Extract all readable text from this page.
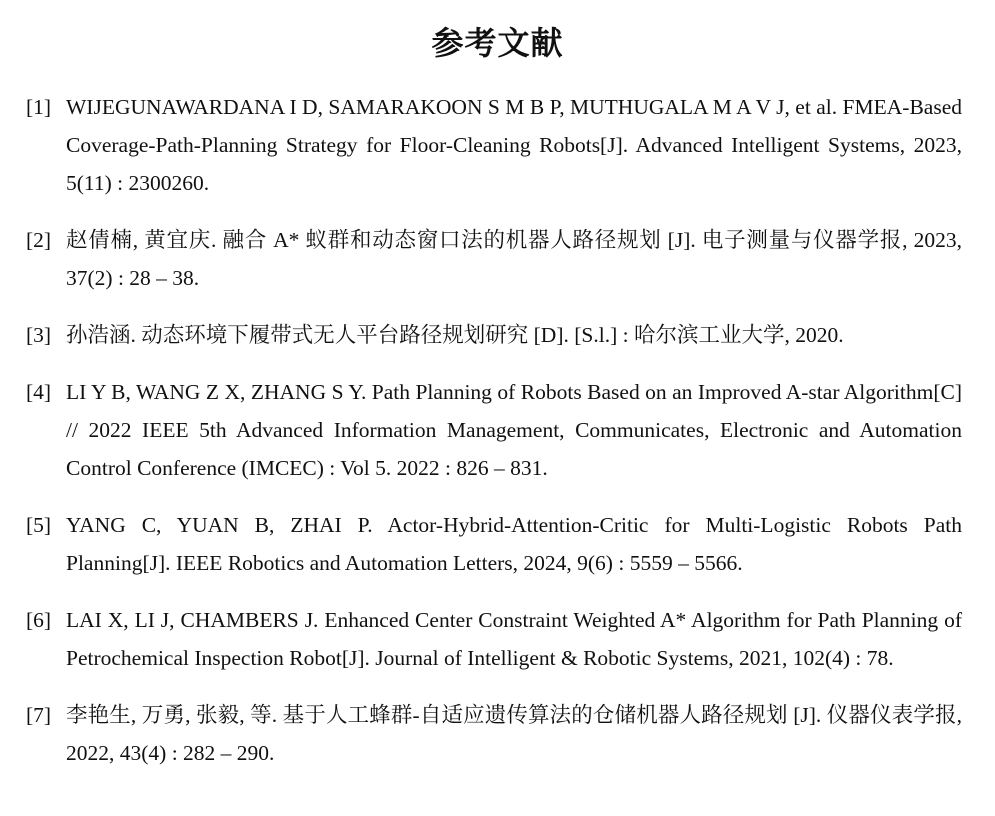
参考文献
[1] WIJEGUNAWARDANA I D, SAMARAKOON S M B P, MUTHUGALA M A V J, et al. FMEA-Based Coverage-Path-Planning Strategy for Floor-Cleaning Robots[J]. Advanced Intelligent Systems, 2023, 5(11) : 2300260.
[2] 赵倩楠, 黄宜庆. 融合 A* 蚁群和动态窗口法的机器人路径规划 [J]. 电子测量与仪器学报, 2023, 37(2) : 28 – 38.
[3] 孙浩涵. 动态环境下履带式无人平台路径规划研究 [D]. [S.l.] : 哈尔滨工业大学, 2020.
[4] LI Y B, WANG Z X, ZHANG S Y. Path Planning of Robots Based on an Improved A-star Algorithm[C] // 2022 IEEE 5th Advanced Information Management, Communicates, Electronic and Automation Control Conference (IMCEC) : Vol 5. 2022 : 826 – 831.
[5] YANG C, YUAN B, ZHAI P. Actor-Hybrid-Attention-Critic for Multi-Logistic Robots Path Planning[J]. IEEE Robotics and Automation Letters, 2024, 9(6) : 5559 – 5566.
[6] LAI X, LI J, CHAMBERS J. Enhanced Center Constraint Weighted A* Algorithm for Path Planning of Petrochemical Inspection Robot[J]. Journal of Intelligent & Robotic Systems, 2021, 102(4) : 78.
[7] 李艳生, 万勇, 张毅, 等. 基于人工蜂群-自适应遗传算法的仓储机器人路径规划 [J]. 仪器仪表学报, 2022, 43(4) : 282 – 290.
